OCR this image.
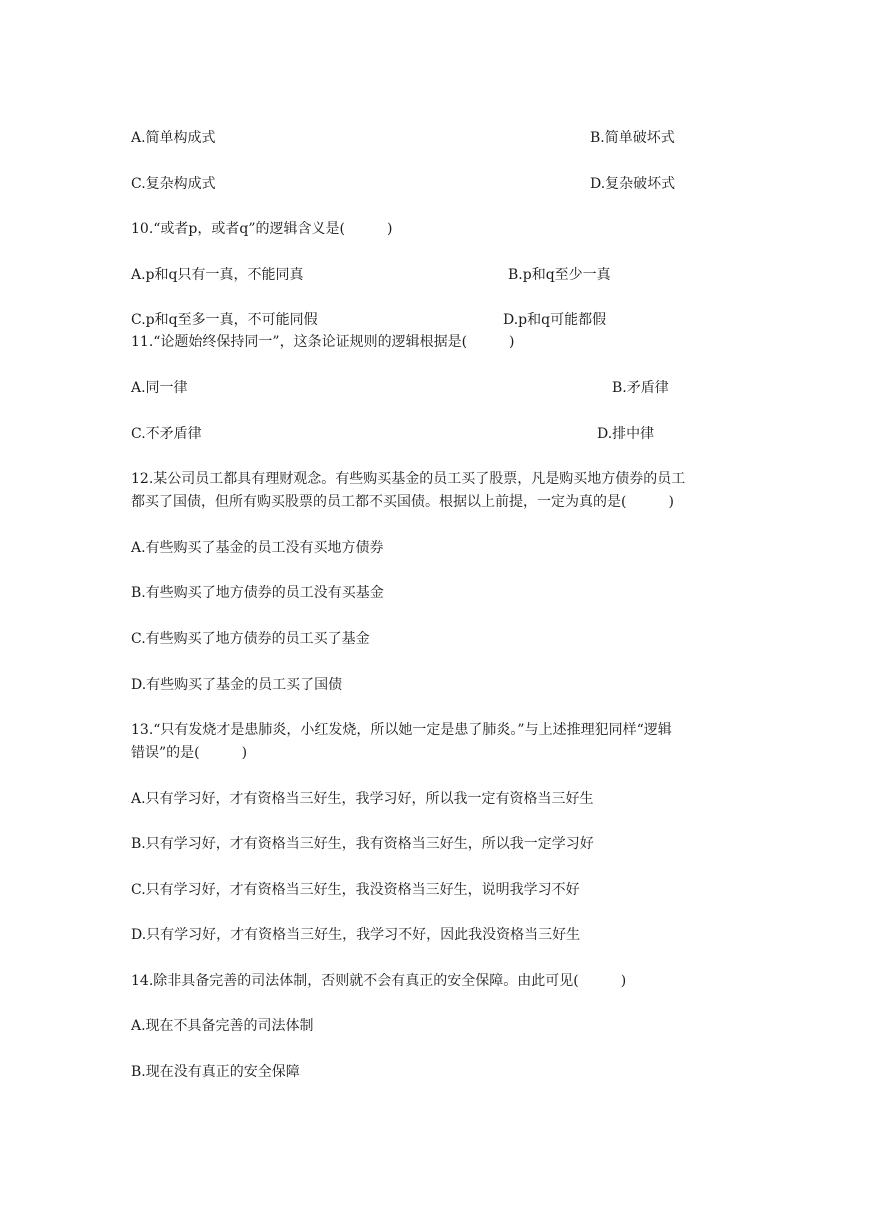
A.简单构成式	B.简单破坏式
C.复杂构成式	D.复杂破坏式
10.“或者p，或者q”的逻辑含义是(　　　)
A.p和q只有一真，不能同真	B.p和q至少一真
C.p和q至多一真，不可能同假	D.p和q可能都假
11.“论题始终保持同一”，这条论证规则的逻辑根据是(　　　)
A.同一律	B.矛盾律
C.不矛盾律	D.排中律
12.某公司员工都具有理财观念。有些购买基金的员工买了股票，凡是购买地方债券的员工
都买了国债，但所有购买股票的员工都不买国债。根据以上前提，一定为真的是(　　　)
A.有些购买了基金的员工没有买地方债券
B.有些购买了地方债券的员工没有买基金
C.有些购买了地方债券的员工买了基金
D.有些购买了基金的员工买了国债
13.“只有发烧才是患肺炎，小红发烧，所以她一定是患了肺炎。”与上述推理犯同样“逻辑
错误”的是(　　　)
A.只有学习好，才有资格当三好生，我学习好，所以我一定有资格当三好生
B.只有学习好，才有资格当三好生，我有资格当三好生，所以我一定学习好
C.只有学习好，才有资格当三好生，我没资格当三好生，说明我学习不好
D.只有学习好，才有资格当三好生，我学习不好，因此我没资格当三好生
14.除非具备完善的司法体制，否则就不会有真正的安全保障。由此可见(　　　)
A.现在不具备完善的司法体制
B.现在没有真正的安全保障
